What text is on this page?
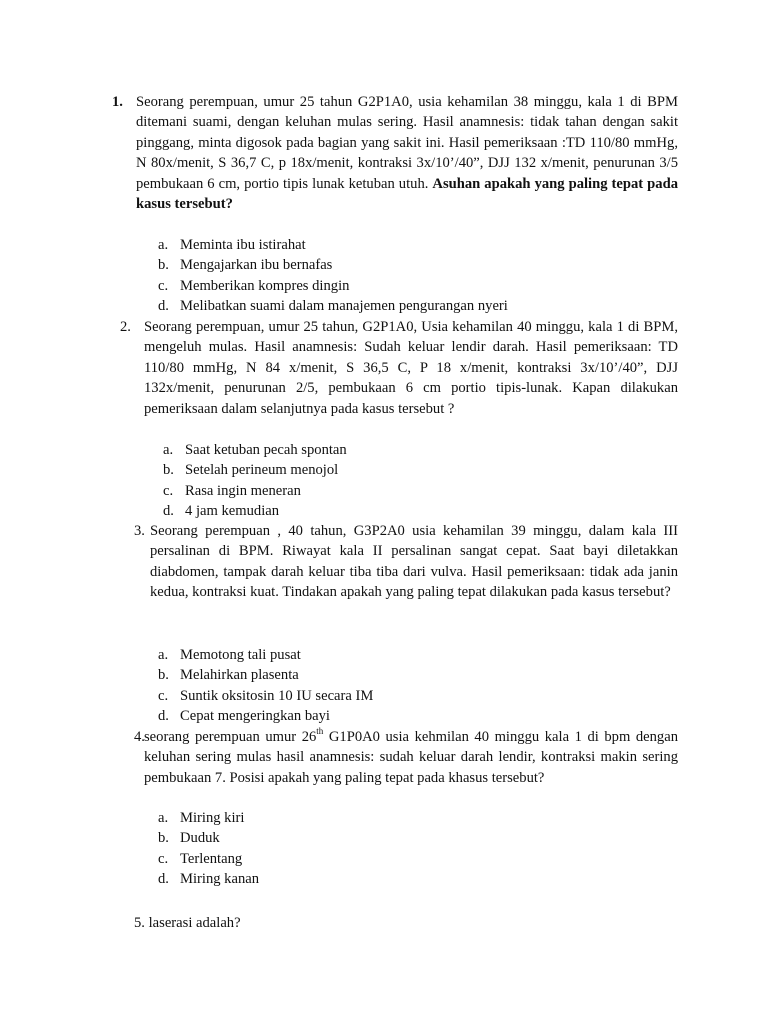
1. Seorang perempuan, umur 25 tahun G2P1A0, usia kehamilan 38 minggu, kala 1 di BPM ditemani suami, dengan keluhan mulas sering. Hasil anamnesis: tidak tahan dengan sakit pinggang, minta digosok pada bagian yang sakit ini. Hasil pemeriksaan :TD 110/80 mmHg, N 80x/menit, S 36,7 C, p 18x/menit, kontraksi 3x/10’/40”, DJJ 132 x/menit, penurunan 3/5 pembukaan 6 cm, portio tipis lunak ketuban utuh. Asuhan apakah yang paling tepat pada kasus tersebut?

a. Meminta ibu istirahat
b. Mengajarkan ibu bernafas
c. Memberikan kompres dingin
d. Melibatkan suami dalam manajemen pengurangan nyeri
2. Seorang perempuan, umur 25 tahun, G2P1A0, Usia kehamilan 40 minggu, kala 1 di BPM, mengeluh mulas. Hasil anamnesis: Sudah keluar lendir darah. Hasil pemeriksaan: TD 110/80 mmHg, N 84 x/menit, S 36,5 C, P 18 x/menit, kontraksi 3x/10’/40”, DJJ 132x/menit, penurunan 2/5, pembukaan 6 cm portio tipis-lunak. Kapan dilakukan pemeriksaan dalam selanjutnya pada kasus tersebut ?

a. Saat ketuban pecah spontan
b. Setelah perineum menojol
c. Rasa ingin meneran
d. 4 jam kemudian
3. Seorang perempuan , 40 tahun, G3P2A0 usia kehamilan 39 minggu, dalam kala III persalinan di BPM. Riwayat kala II persalinan sangat cepat. Saat bayi diletakkan diabdomen, tampak darah keluar tiba tiba dari vulva. Hasil pemeriksaan: tidak ada janin kedua, kontraksi kuat. Tindakan apakah yang paling tepat dilakukan pada kasus tersebut?

a. Memotong tali pusat
b. Melahirkan plasenta
c. Suntik oksitosin 10 IU secara IM
d. Cepat mengeringkan bayi
4. seorang perempuan umur 26th G1P0A0 usia kehmilan 40 minggu kala 1 di bpm dengan keluhan sering mulas hasil anamnesis: sudah keluar darah lendir, kontraksi makin sering pembukaan 7. Posisi apakah yang paling tepat pada khasus tersebut?

a. Miring kiri
b. Duduk
c. Terlentang
d. Miring kanan
5. laserasi adalah?
